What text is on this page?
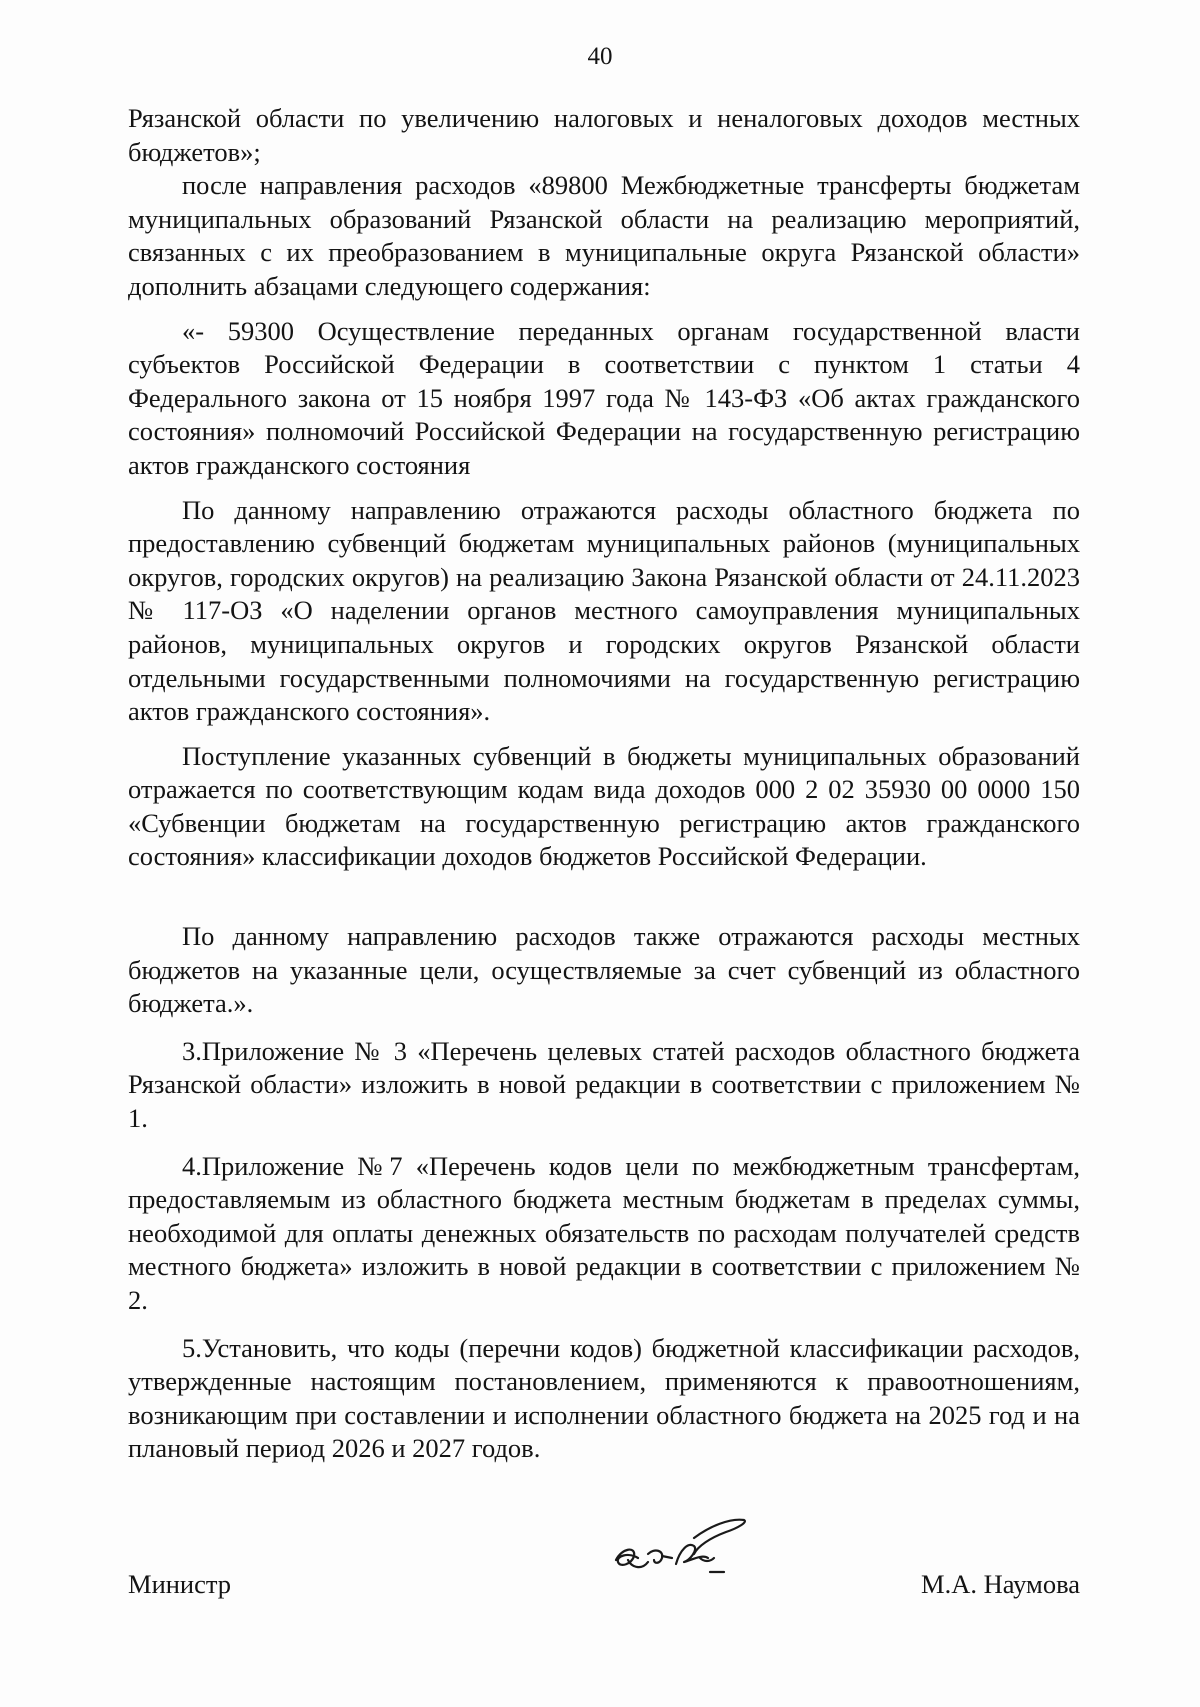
40

Рязанской области по увеличению налоговых и неналоговых доходов местных бюджетов»;

после направления расходов «89800 Межбюджетные трансферты бюджетам муниципальных образований Рязанской области на реализацию мероприятий, связанных с их преобразованием в муниципальные округа Рязанской области» дополнить абзацами следующего содержания:

«- 59300 Осуществление переданных органам государственной власти субъектов Российской Федерации в соответствии с пунктом 1 статьи 4 Федерального закона от 15 ноября 1997 года № 143-ФЗ «Об актах гражданского состояния» полномочий Российской Федерации на государственную регистрацию актов гражданского состояния

По данному направлению отражаются расходы областного бюджета по предоставлению субвенций бюджетам муниципальных районов (муниципальных округов, городских округов) на реализацию Закона Рязанской области от 24.11.2023 № 117-ОЗ «О наделении органов местного самоуправления муниципальных районов, муниципальных округов и городских округов Рязанской области отдельными государственными полномочиями на государственную регистрацию актов гражданского состояния».

Поступление указанных субвенций в бюджеты муниципальных образований отражается по соответствующим кодам вида доходов 000 2 02 35930 00 0000 150 «Субвенции бюджетам на государственную регистрацию актов гражданского состояния» классификации доходов бюджетов Российской Федерации.

По данному направлению расходов также отражаются расходы местных бюджетов на указанные цели, осуществляемые за счет субвенций из областного бюджета.».

3.Приложение № 3 «Перечень целевых статей расходов областного бюджета Рязанской области» изложить в новой редакции в соответствии с приложением № 1.

4.Приложение №7 «Перечень кодов цели по межбюджетным трансфертам, предоставляемым из областного бюджета местным бюджетам в пределах суммы, необходимой для оплаты денежных обязательств по расходам получателей средств местного бюджета» изложить в новой редакции в соответствии с приложением № 2.

5.Установить, что коды (перечни кодов) бюджетной классификации расходов, утвержденные настоящим постановлением, применяются к правоотношениям, возникающим при составлении и исполнении областного бюджета на 2025 год и на плановый период 2026 и 2027 годов.

Министр	М.А. Наумова
